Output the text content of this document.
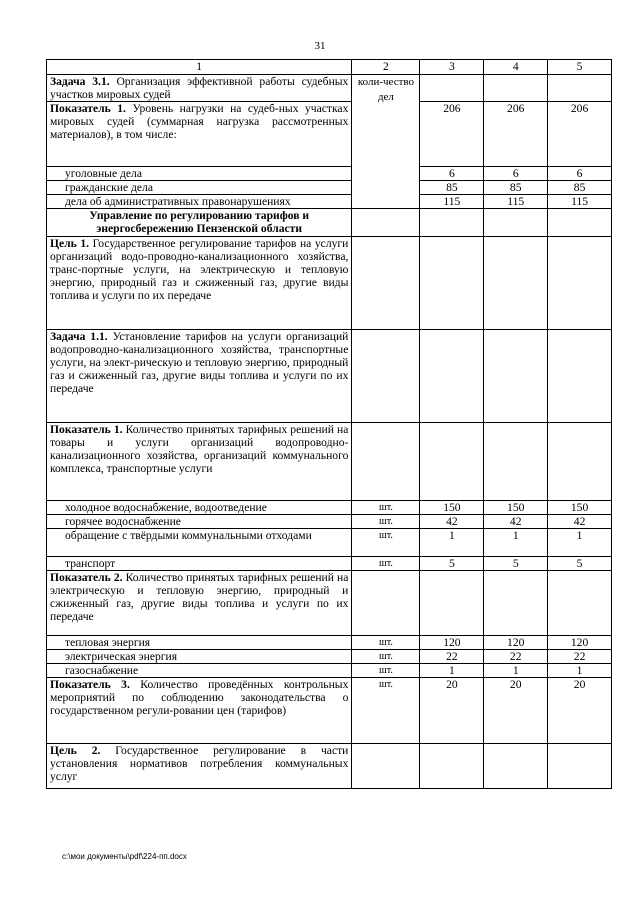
31
1	2	3	4	5
Задача 3.1. Организация эффективной работы судебных участков мировых судей	коли-чество дел			
Показатель 1. Уровень нагрузки на судеб-ных участках мировых судей (суммарная нагрузка рассмотренных материалов), в том числе:		206	206	206
уголовные дела		6	6	6
гражданские дела		85	85	85
дела об административных правонарушениях		115	115	115
Управление по регулированию тарифов и энергосбережению Пензенской области				
Цель 1. Государственное регулирование тарифов на услуги организаций водо-проводно-канализационного хозяйства, транс-портные услуги, на электрическую и тепловую энергию, природный газ и сжиженный газ, другие виды топлива и услуги по их передаче				
Задача 1.1. Установление тарифов на услуги организаций водопроводно-канализационного хозяйства, транспортные услуги, на элект-рическую и тепловую энергию, природный газ и сжиженный газ, другие виды топлива и услуги по их передаче				
Показатель 1. Количество принятых тарифных решений на товары и услуги организаций водопроводно-канализационного хозяйства, организаций коммунального комплекса, транспортные услуги				
холодное водоснабжение, водоотведение	шт.	150	150	150
горячее водоснабжение	шт.	42	42	42
обращение с твёрдыми коммунальными отходами	шт.	1	1	1
транспорт	шт.	5	5	5
Показатель 2. Количество принятых тарифных решений на электрическую и тепловую энергию, природный и сжиженный газ, другие виды топлива и услуги по их передаче				
тепловая энергия	шт.	120	120	120
электрическая энергия	шт.	22	22	22
газоснабжение	шт.	1	1	1
Показатель 3. Количество проведённых контрольных мероприятий по соблюдению законодательства о государственном регули-ровании цен (тарифов)	шт.	20	20	20
Цель 2. Государственное регулирование в части установления нормативов потребления коммунальных услуг				
c:\мои документы\pdf\224-пп.docx
